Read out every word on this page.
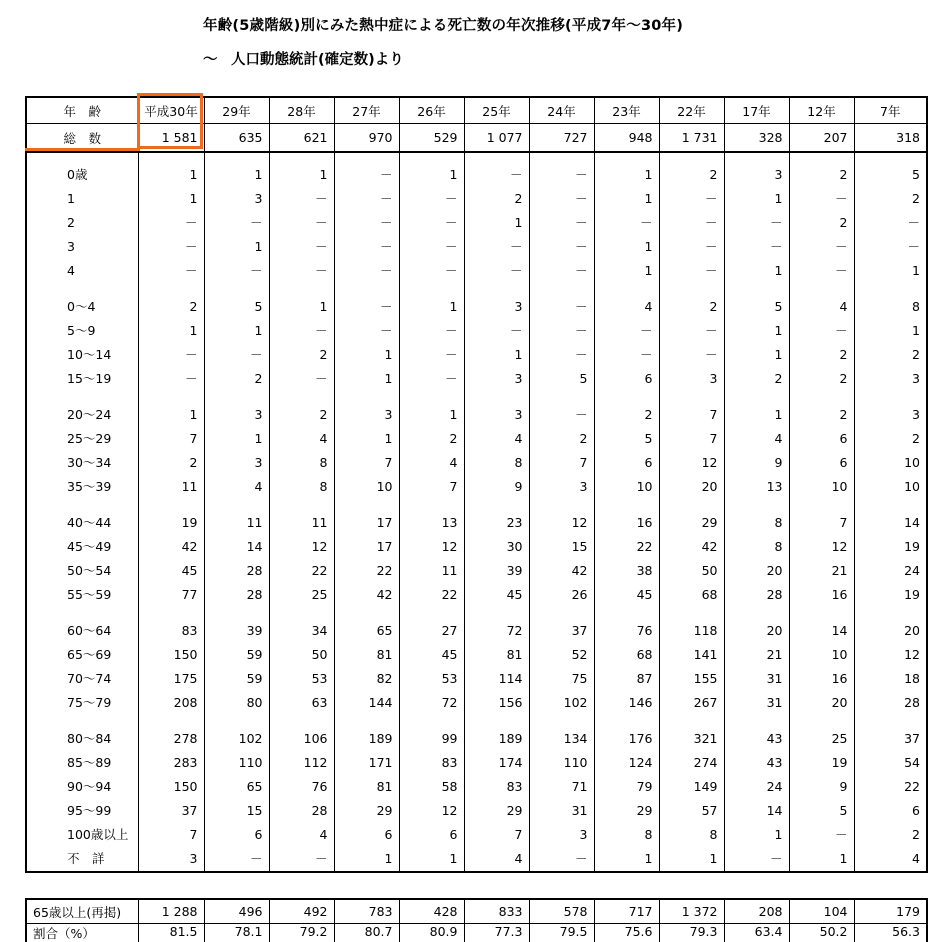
年齢(5歳階級)別にみた熱中症による死亡数の年次推移(平成7年～30年)
～ 人口動態統計(確定数)より
年　齢	平成30年	29年	28年	27年	26年	25年	24年	23年	22年	17年	12年	7年
総　数	1 581	635	621	970	529	1 077	727	948	1 731	328	207	318

0歳	1	1	1	－	1	－	－	1	2	3	2	5
1	1	3	－	－	－	2	－	1	－	1	－	2
2	－	－	－	－	－	1	－	－	－	－	2	－
3	－	1	－	－	－	－	－	1	－	－	－	－
4	－	－	－	－	－	－	－	1	－	1	－	1

0～4	2	5	1	－	1	3	－	4	2	5	4	8
5～9	1	1	－	－	－	－	－	－	－	1	－	1
10～14	－	－	2	1	－	1	－	－	－	1	2	2
15～19	－	2	－	1	－	3	5	6	3	2	2	3

20～24	1	3	2	3	1	3	－	2	7	1	2	3
25～29	7	1	4	1	2	4	2	5	7	4	6	2
30～34	2	3	8	7	4	8	7	6	12	9	6	10
35～39	11	4	8	10	7	9	3	10	20	13	10	10

40～44	19	11	11	17	13	23	12	16	29	8	7	14
45～49	42	14	12	17	12	30	15	22	42	8	12	19
50～54	45	28	22	22	11	39	42	38	50	20	21	24
55～59	77	28	25	42	22	45	26	45	68	28	16	19

60～64	83	39	34	65	27	72	37	76	118	20	14	20
65～69	150	59	50	81	45	81	52	68	141	21	10	12
70～74	175	59	53	82	53	114	75	87	155	31	16	18
75～79	208	80	63	144	72	156	102	146	267	31	20	28

80～84	278	102	106	189	99	189	134	176	321	43	25	37
85～89	283	110	112	171	83	174	110	124	274	43	19	54
90～94	150	65	76	81	58	83	71	79	149	24	9	22
95～99	37	15	28	29	12	29	31	29	57	14	5	6
100歳以上	7	6	4	6	6	7	3	8	8	1	－	2
不　詳	3	－	－	1	1	4	－	1	1	－	1	4
65歳以上(再掲)	1 288	496	492	783	428	833	578	717	1 372	208	104	179
割合（%）	81.5	78.1	79.2	80.7	80.9	77.3	79.5	75.6	79.3	63.4	50.2	56.3
